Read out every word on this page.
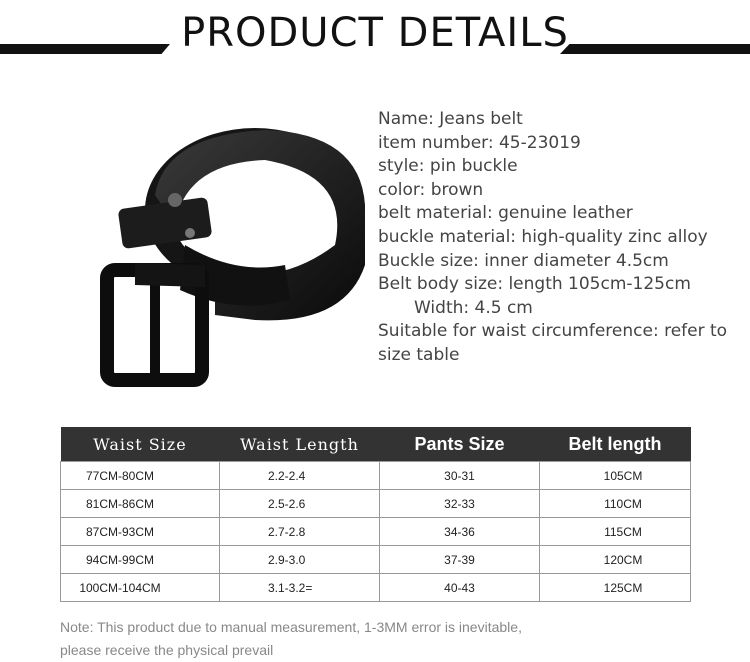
PRODUCT DETAILS
Name: Jeans belt
item number: 45-23019
style: pin buckle
color: brown
belt material: genuine leather
buckle material: high-quality zinc alloy
Buckle size: inner diameter 4.5cm
Belt body size: length 105cm-125cm
Width: 4.5 cm
Suitable for waist circumference: refer to size table
Waist Size	Waist Length	Pants Size	Belt length
77CM-80CM	2.2-2.4	30-31	105CM
81CM-86CM	2.5-2.6	32-33	110CM
87CM-93CM	2.7-2.8	34-36	115CM
94CM-99CM	2.9-3.0	37-39	120CM
100CM-104CM	3.1-3.2=	40-43	125CM
Note: This product due to manual measurement, 1-3MM error is inevitable,
please receive the physical prevail
